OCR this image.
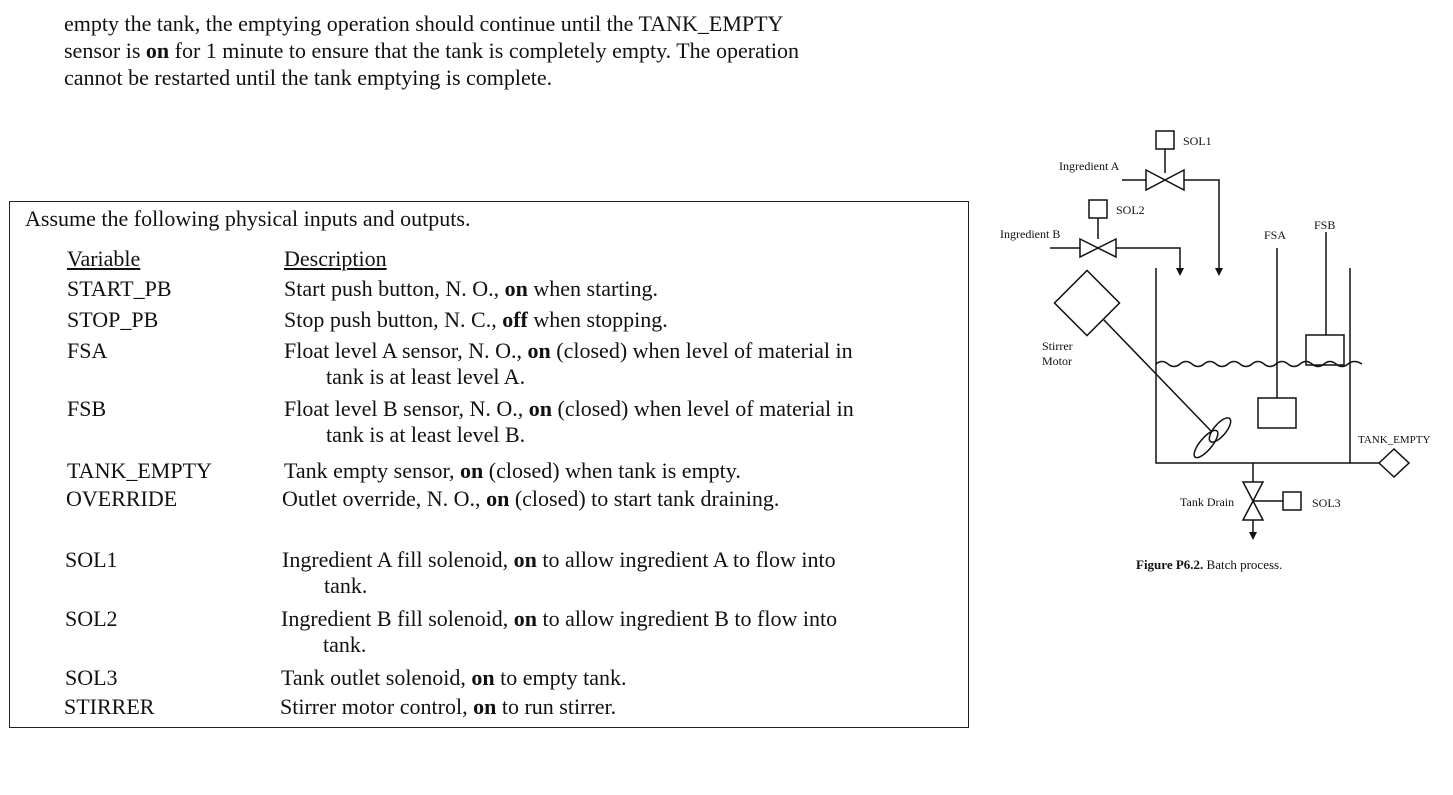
empty the tank, the emptying operation should continue until the TANK_EMPTY
sensor is on for 1 minute to ensure that the tank is completely empty. The operation
cannot be restarted until the tank emptying is complete.

Assume the following physical inputs and outputs.

Variable	Description
START_PB	Start push button, N. O., on when starting.
STOP_PB	Stop push button, N. C., off when stopping.
FSA	Float level A sensor, N. O., on (closed) when level of material in
tank is at least level A.
FSB	Float level B sensor, N. O., on (closed) when level of material in
tank is at least level B.
TANK_EMPTY	Tank empty sensor, on (closed) when tank is empty.
OVERRIDE	Outlet override, N. O., on (closed) to start tank draining.
SOL1	Ingredient A fill solenoid, on to allow ingredient A to flow into
tank.
SOL2	Ingredient B fill solenoid, on to allow ingredient B to flow into
tank.
SOL3	Tank outlet solenoid, on to empty tank.
STIRRER	Stirrer motor control, on to run stirrer.
SOL1
Ingredient A
SOL2
Ingredient B	FSA
FSB
Stirrer
Motor
TANK_EMPTY
Tank Drain	SOL3
Figure P6.2. Batch process.
